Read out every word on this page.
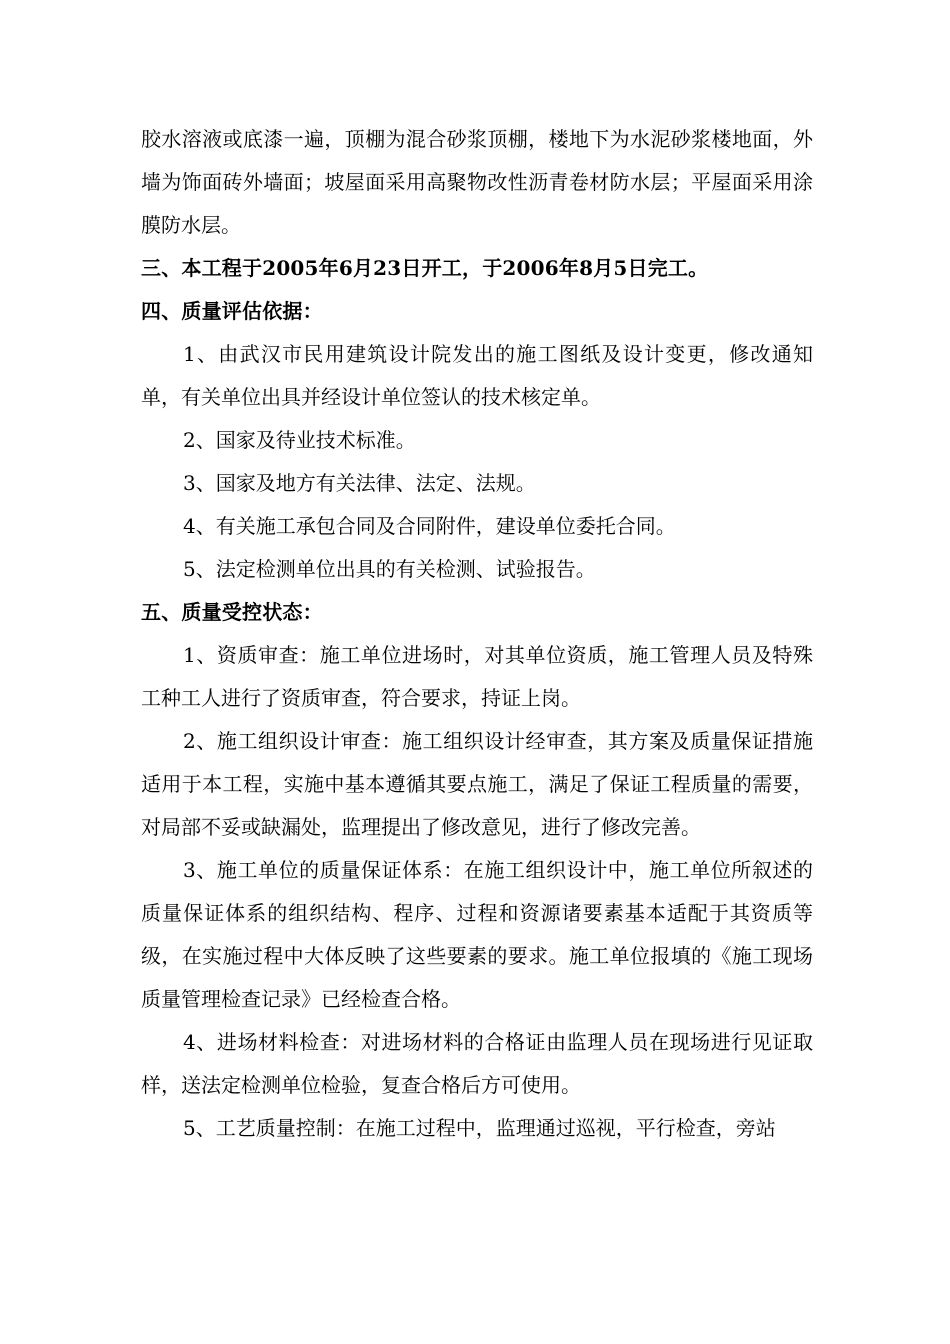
胶水溶液或底漆一遍，顶棚为混合砂浆顶棚，楼地下为水泥砂浆楼地面，外墙为饰面砖外墙面；坡屋面采用高聚物改性沥青卷材防水层；平屋面采用涂膜防水层。

三、本工程于2005年6月23日开工，于2006年8月5日完工。

四、质量评估依据：

1、由武汉市民用建筑设计院发出的施工图纸及设计变更，修改通知单，有关单位出具并经设计单位签认的技术核定单。

2、国家及待业技术标准。

3、国家及地方有关法律、法定、法规。

4、有关施工承包合同及合同附件，建设单位委托合同。

5、法定检测单位出具的有关检测、试验报告。

五、质量受控状态：

1、资质审查：施工单位进场时，对其单位资质，施工管理人员及特殊工种工人进行了资质审查，符合要求，持证上岗。

2、施工组织设计审查：施工组织设计经审查，其方案及质量保证措施适用于本工程，实施中基本遵循其要点施工，满足了保证工程质量的需要，对局部不妥或缺漏处，监理提出了修改意见，进行了修改完善。

3、施工单位的质量保证体系：在施工组织设计中，施工单位所叙述的质量保证体系的组织结构、程序、过程和资源诸要素基本适配于其资质等级，在实施过程中大体反映了这些要素的要求。施工单位报填的《施工现场质量管理检查记录》已经检查合格。

4、进场材料检查：对进场材料的合格证由监理人员在现场进行见证取样，送法定检测单位检验，复查合格后方可使用。

5、工艺质量控制：在施工过程中，监理通过巡视，平行检查，旁站
